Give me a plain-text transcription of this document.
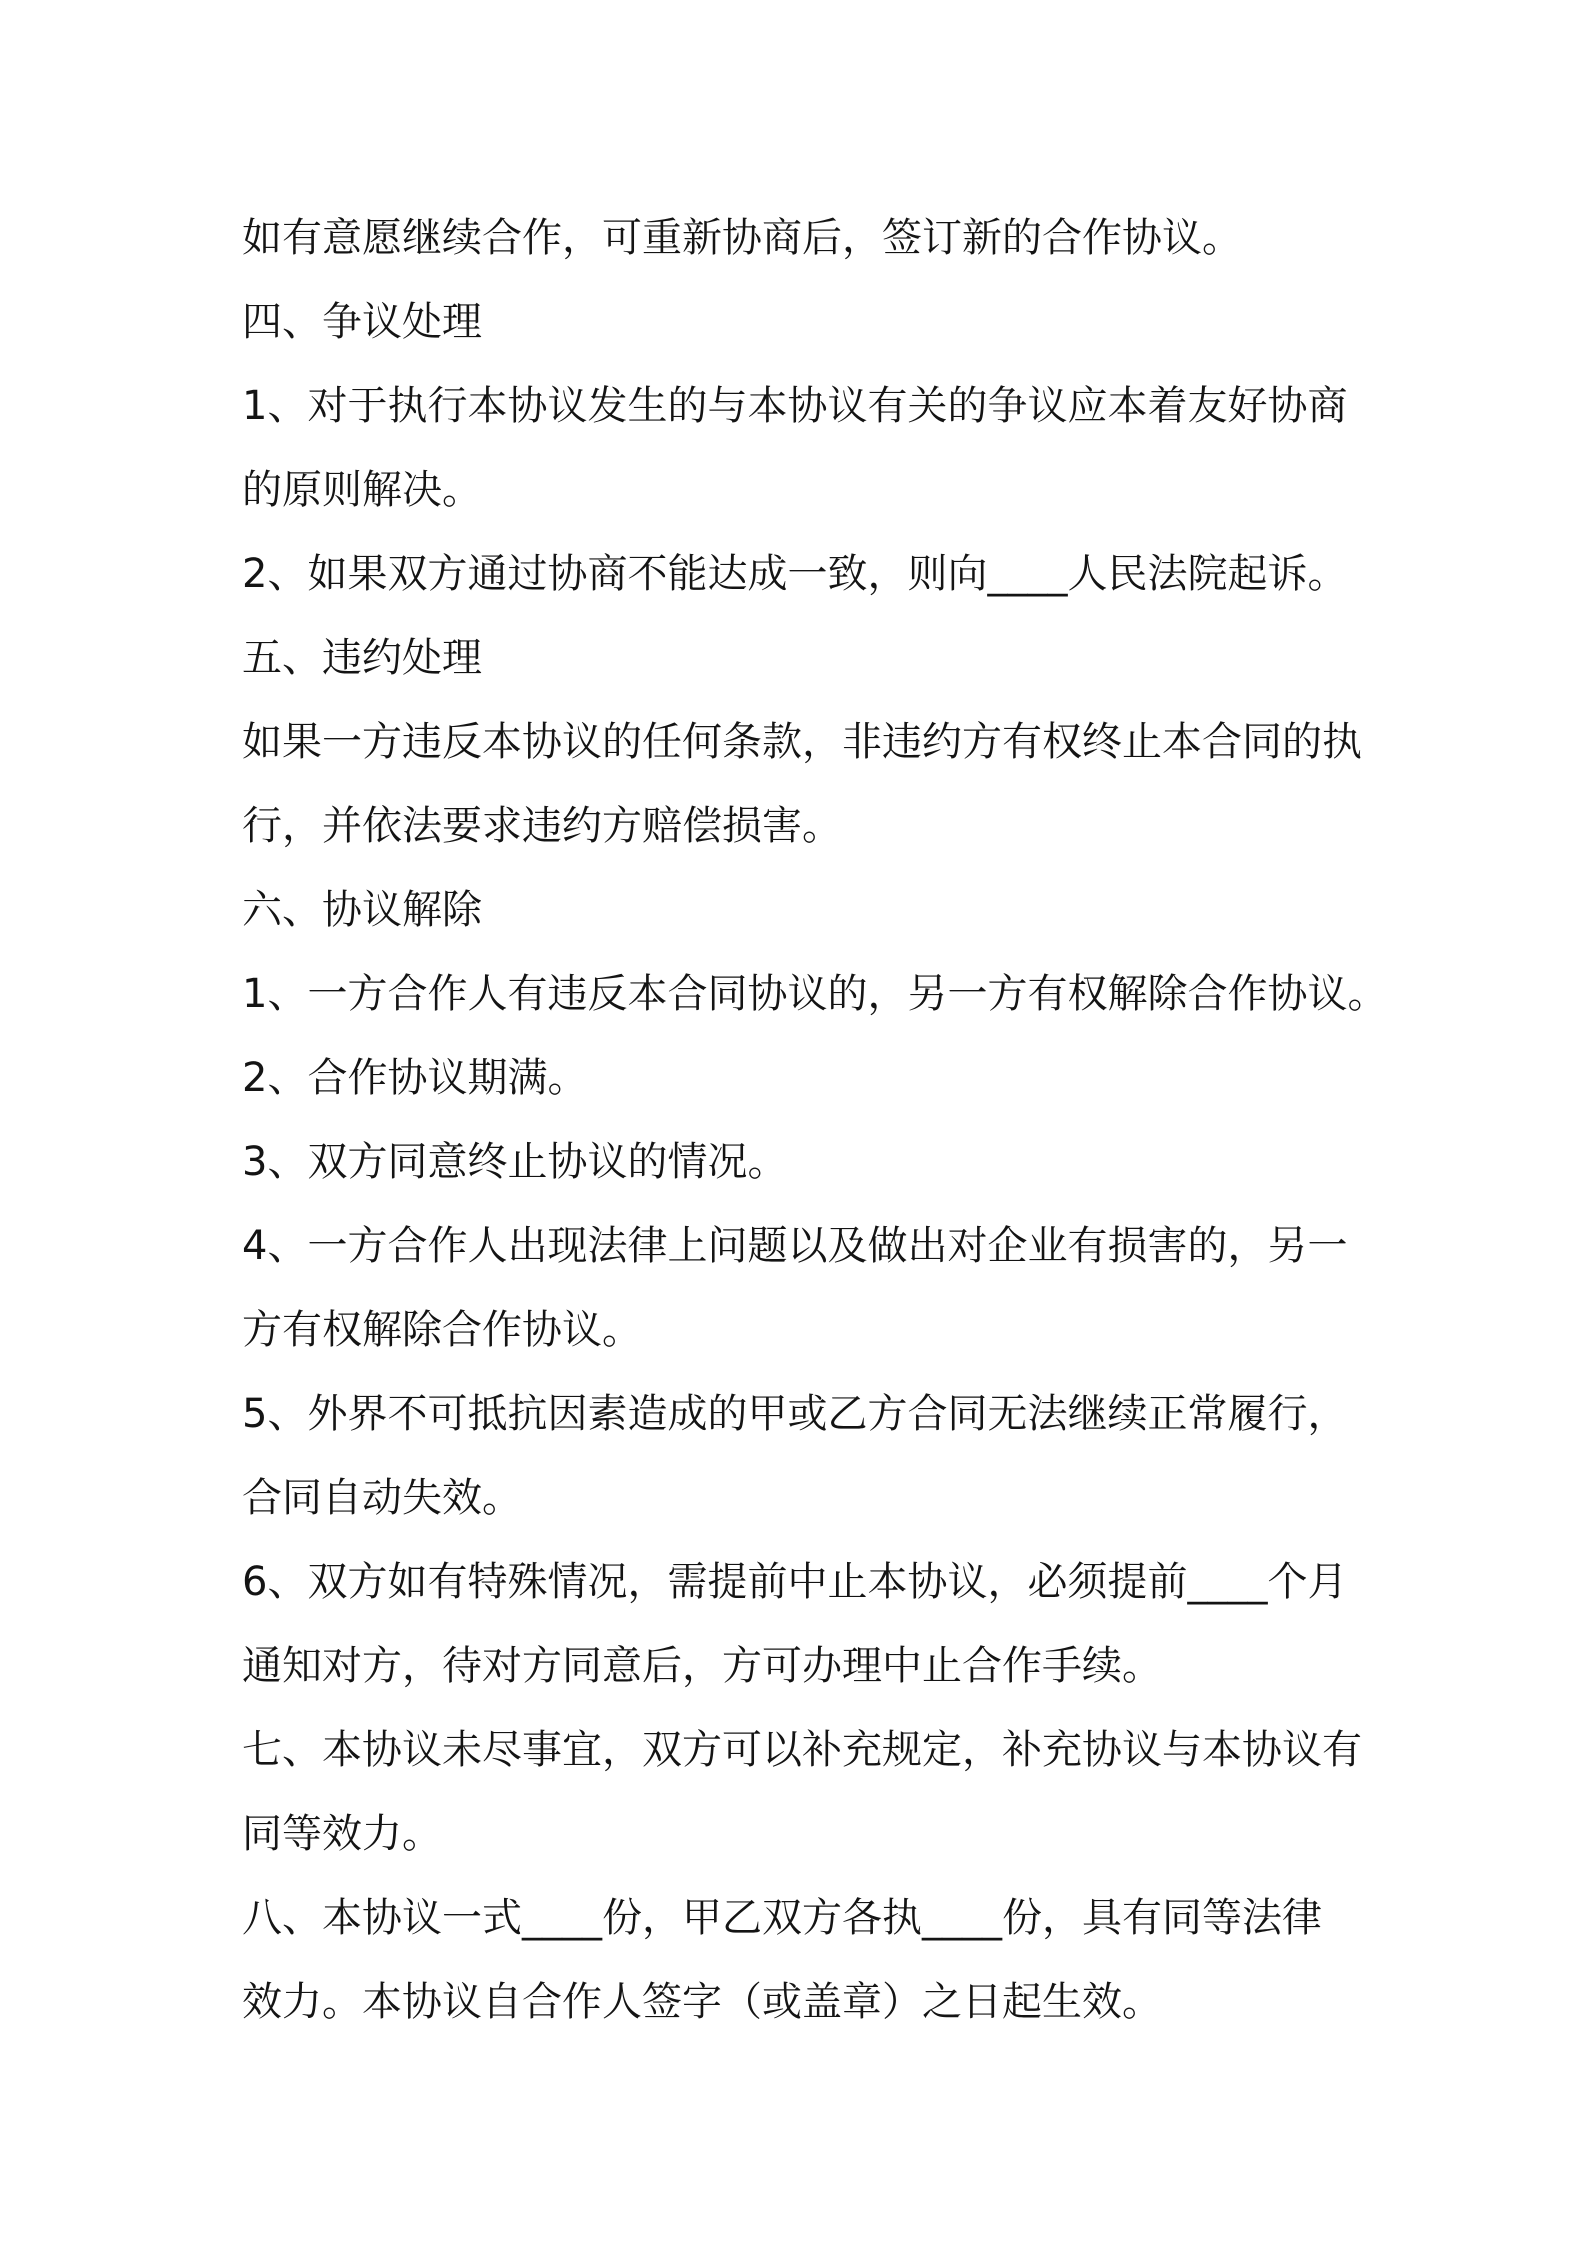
如有意愿继续合作，可重新协商后，签订新的合作协议。

四、争议处理

1、对于执行本协议发生的与本协议有关的争议应本着友好协商

的原则解决。

2、如果双方通过协商不能达成一致，则向____人民法院起诉。

五、违约处理

如果一方违反本协议的任何条款，非违约方有权终止本合同的执

行，并依法要求违约方赔偿损害。

六、协议解除

1、一方合作人有违反本合同协议的，另一方有权解除合作协议。

2、合作协议期满。

3、双方同意终止协议的情况。

4、一方合作人出现法律上问题以及做出对企业有损害的，另一

方有权解除合作协议。

5、外界不可抵抗因素造成的甲或乙方合同无法继续正常履行，

合同自动失效。

6、双方如有特殊情况，需提前中止本协议，必须提前____个月

通知对方，待对方同意后，方可办理中止合作手续。

七、本协议未尽事宜，双方可以补充规定，补充协议与本协议有

同等效力。

八、本协议一式____份，甲乙双方各执____份，具有同等法律

效力。本协议自合作人签字（或盖章）之日起生效。
